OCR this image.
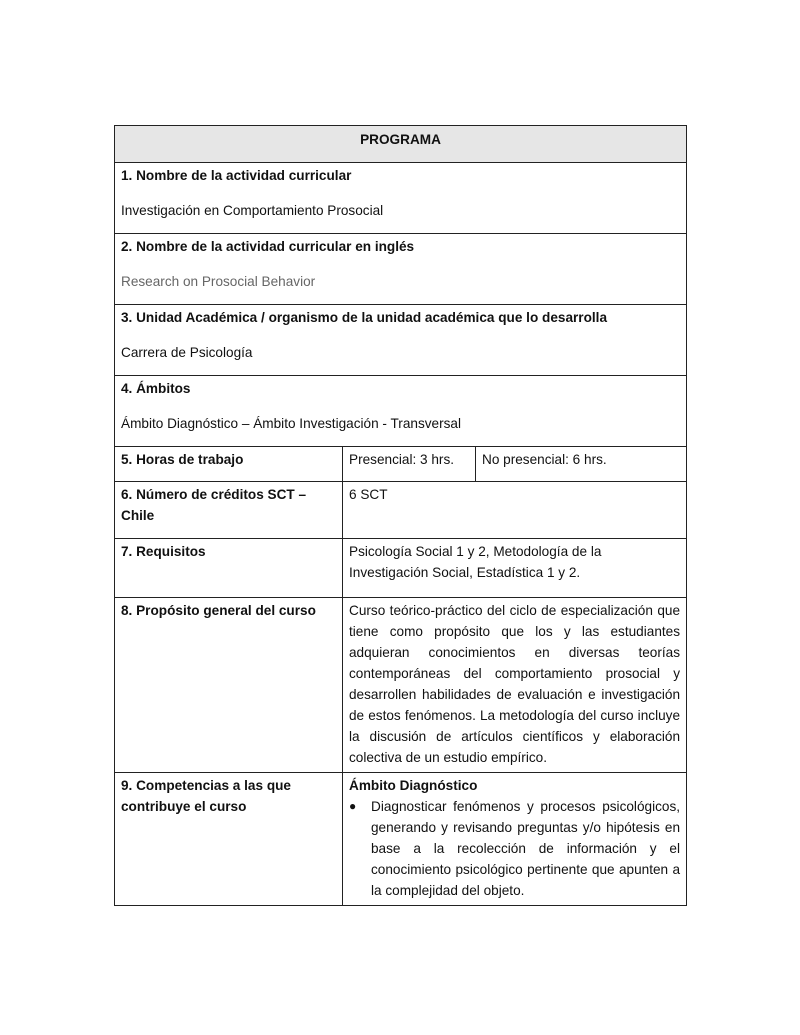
PROGRAMA		

1. Nombre de la actividad curricular
Investigación en Comportamiento Prosocial		

2. Nombre de la actividad curricular en inglés
Research on Prosocial Behavior		

3. Unidad Académica / organismo de la unidad académica que lo desarrolla
Carrera de Psicología		

4. Ámbitos
Ámbito Diagnóstico – Ámbito Investigación - Transversal		

5. Horas de trabajo	Presencial: 3 hrs.	No presencial: 6 hrs.
6. Número de créditos SCT – Chile	6 SCT	
7. Requisitos	Psicología Social 1 y 2, Metodología de la Investigación Social, Estadística 1 y 2.	
8. Propósito general del curso	Curso teórico-práctico del ciclo de especialización que tiene como propósito que los y las estudiantes adquieran conocimientos en diversas teorías contemporáneas del comportamiento prosocial y desarrollen habilidades de evaluación e investigación de estos fenómenos. La metodología del curso incluye la discusión de artículos científicos y elaboración colectiva de un estudio empírico.	
9. Competencias a las que contribuye el curso	Ámbito Diagnóstico
● Diagnosticar fenómenos y procesos psicológicos, generando y revisando preguntas y/o hipótesis en base a la recolección de información y el conocimiento psicológico pertinente que apunten a la complejidad del objeto.	
